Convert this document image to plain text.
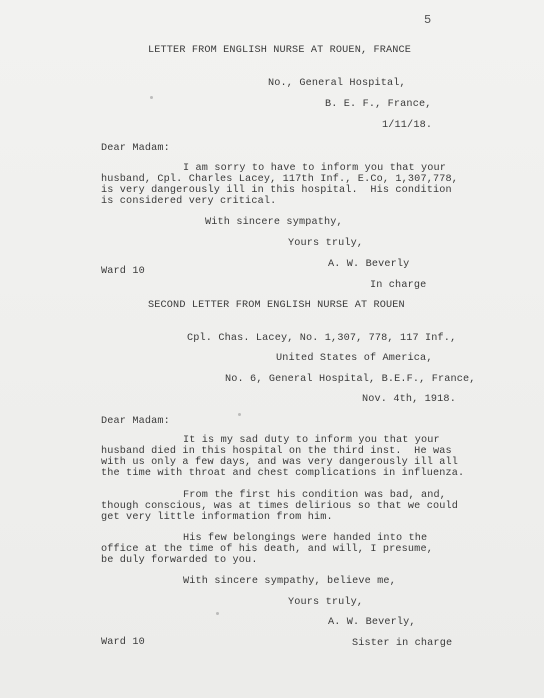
5
LETTER FROM ENGLISH NURSE AT ROUEN, FRANCE
No., General Hospital,
B. E. F., France,
1/11/18.
Dear Madam:
I am sorry to have to inform you that your
husband, Cpl. Charles Lacey, 117th Inf., E.Co, 1,307,778,
is very dangerously ill in this hospital.  His condition
is considered very critical.
With sincere sympathy,
Yours truly,
A. W. Beverly
Ward 10
In charge
SECOND LETTER FROM ENGLISH NURSE AT ROUEN
Cpl. Chas. Lacey, No. 1,307, 778, 117 Inf.,
United States of America,
No. 6, General Hospital, B.E.F., France,
Nov. 4th, 1918.
Dear Madam:
It is my sad duty to inform you that your
husband died in this hospital on the third inst.  He was
with us only a few days, and was very dangerously ill all
the time with throat and chest complications in influenza.
From the first his condition was bad, and,
though conscious, was at times delirious so that we could
get very little information from him.
His few belongings were handed into the
office at the time of his death, and will, I presume,
be duly forwarded to you.
With sincere sympathy, believe me,
Yours truly,
A. W. Beverly,
Ward 10	Sister in charge
